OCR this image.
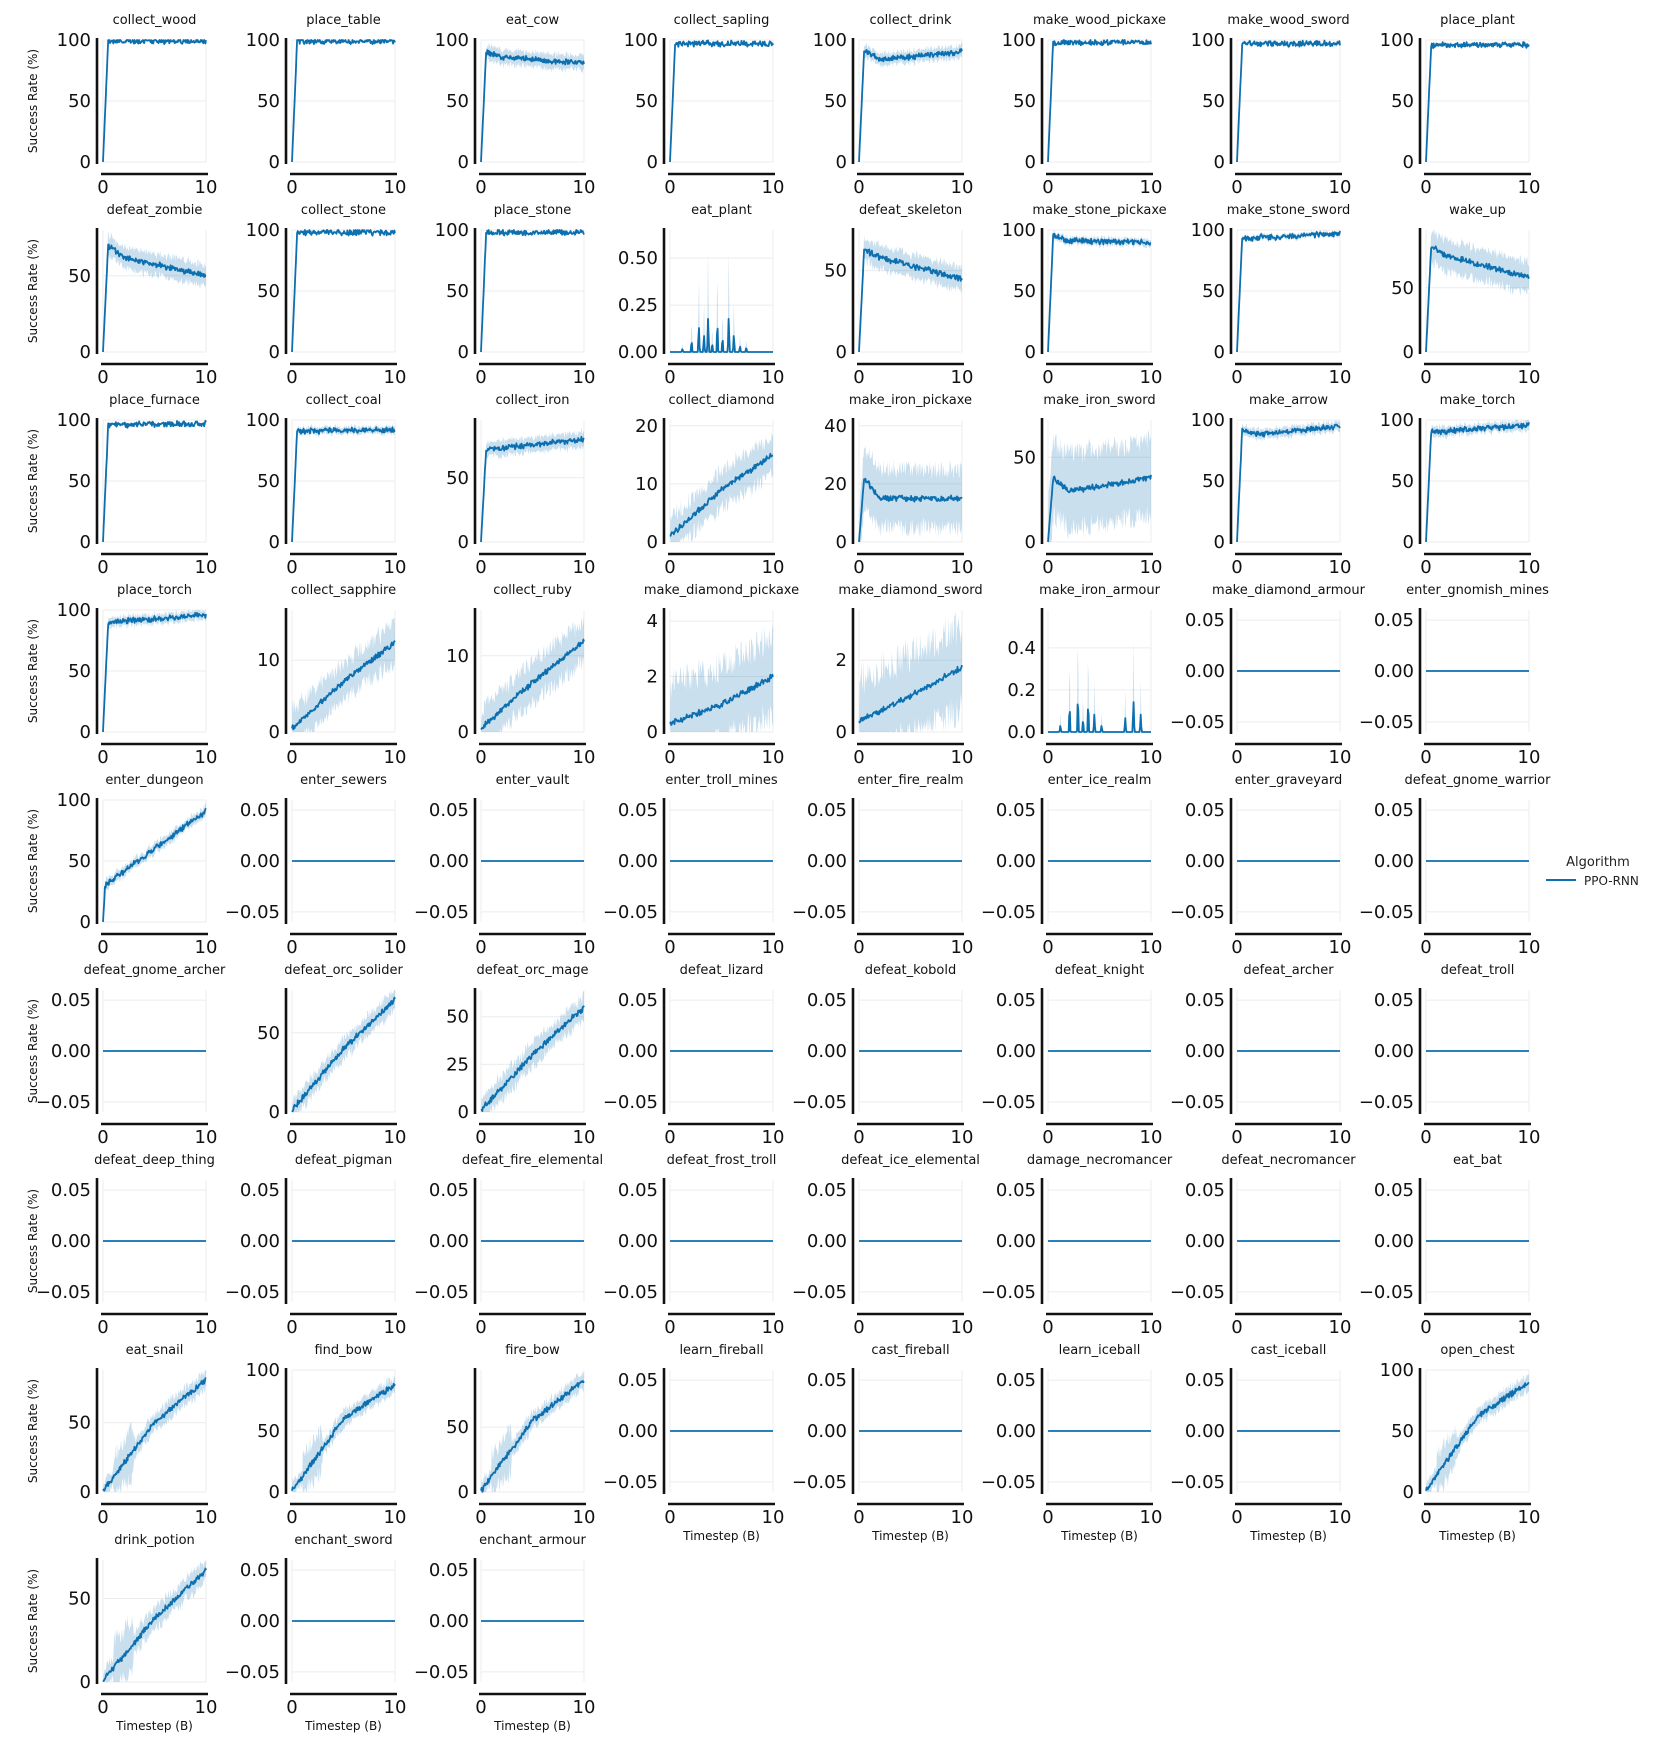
0
50
100
0	10
collect_wood
Success Rate (%)
0
50
100
0	10
place_table
0
50
100
0	10
eat_cow
0
50
100
0	10
collect_sapling
0
50
100
0	10
collect_drink
0
50
100
0	10
make_wood_pickaxe
0
50
100
0	10
make_wood_sword
0
50
100
0	10
place_plant
0
50
0	10
defeat_zombie
Success Rate (%)
0
50
100
0	10
collect_stone
0
50
100
0	10
place_stone
0.00
0.25
0.50
0	10
eat_plant
0
50
0	10
defeat_skeleton
0
50
100
0	10
make_stone_pickaxe
0
50
100
0	10
make_stone_sword
0
50
0	10
wake_up
0
50
100
0	10
place_furnace
Success Rate (%)
0
50
100
0	10
collect_coal
0
50
0	10
collect_iron
0
10
20
0	10
collect_diamond
0
20
40
0	10
make_iron_pickaxe
0
50
0	10
make_iron_sword
0
50
100
0	10
make_arrow
0
50
100
0	10
make_torch
0
50
100
0	10
place_torch
Success Rate (%)
0
10
0	10
collect_sapphire
0
10
0	10
collect_ruby
0
2
4
0	10
make_diamond_pickaxe
0
2
0	10
make_diamond_sword
0.0
0.2
0.4
0	10
make_iron_armour
−0.05
0.00
0.05
0	10
make_diamond_armour
−0.05
0.00
0.05
0	10
enter_gnomish_mines
0
50
100
0	10
enter_dungeon
Success Rate (%)	−0.05
0.00
0.05
0	10
enter_sewers
−0.05
0.00
0.05
0	10
enter_vault
−0.05
0.00
0.05
0	10
enter_troll_mines
−0.05
0.00
0.05
0	10
enter_fire_realm
−0.05
0.00
0.05
0	10
enter_ice_realm
−0.05
0.00
0.05
0	10
enter_graveyard
−0.05
0.00
0.05
0	10
defeat_gnome_warrior
−0.05
0.00
0.05
0	10
defeat_gnome_archer
Success Rate (%)
0
50
0	10
defeat_orc_solider
0
25
50
0	10
defeat_orc_mage
−0.05
0.00
0.05
0	10
defeat_lizard
−0.05
0.00
0.05
0	10
defeat_kobold
−0.05
0.00
0.05
0	10
defeat_knight
−0.05
0.00
0.05
0	10
defeat_archer
−0.05
0.00
0.05
0	10
defeat_troll
−0.05
0.00
0.05
0	10
defeat_deep_thing
Success Rate (%)	−0.05
0.00
0.05
0	10
defeat_pigman
−0.05
0.00
0.05
0	10
defeat_fire_elemental
−0.05
0.00
0.05
0	10
defeat_frost_troll
−0.05
0.00
0.05
0	10
defeat_ice_elemental
−0.05
0.00
0.05
0	10
damage_necromancer
−0.05
0.00
0.05
0	10
defeat_necromancer
−0.05
0.00
0.05
0	10
eat_bat
0
50
0	10
eat_snail
Success Rate (%)
0
50
100
0	10
find_bow
0
50
0	10
fire_bow
−0.05
0.00
0.05
0	10
learn_fireball
Timestep (B)
−0.05
0.00
0.05
0	10
cast_fireball
Timestep (B)
−0.05
0.00
0.05
0	10
learn_iceball
Timestep (B)
−0.05
0.00
0.05
0	10
cast_iceball
Timestep (B)
0
50
100
0	10
open_chest
Timestep (B)
0
50
0	10
drink_potion
Success Rate (%)
Timestep (B)
−0.05
0.00
0.05
0	10
enchant_sword
Timestep (B)
−0.05
0.00
0.05
0	10
enchant_armour
Timestep (B)
Algorithm
PPO-RNN
